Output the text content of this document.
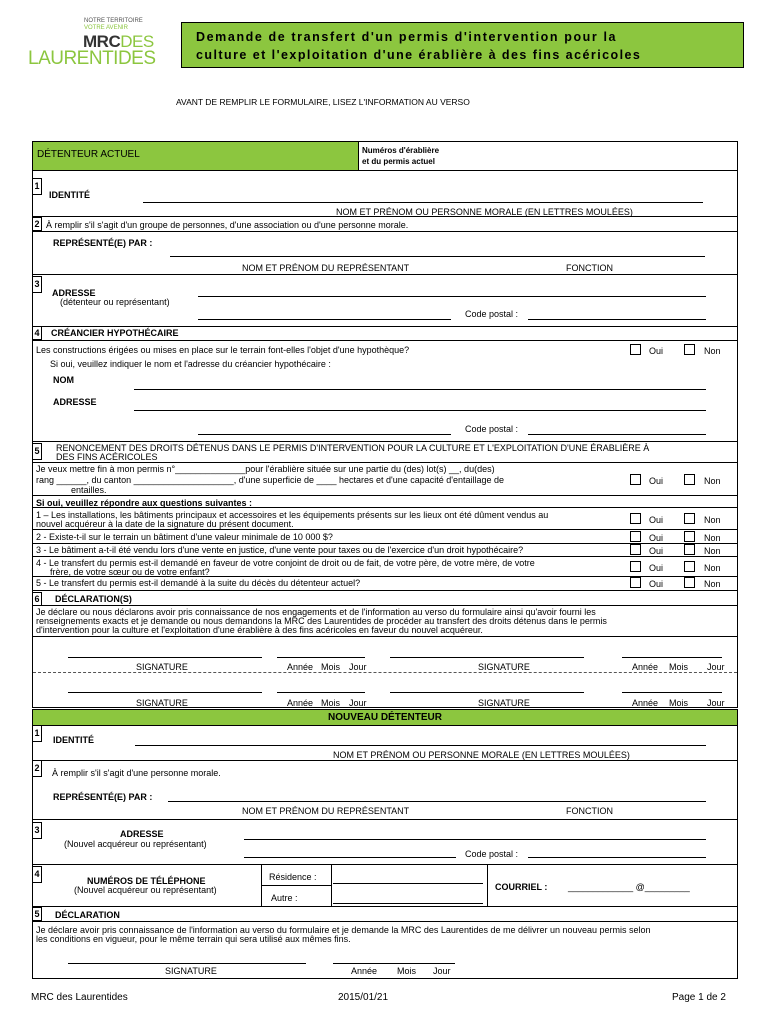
NOTRE TERRITOIRE
VOTRE AVENIR
MRCDES
LAURENTIDES
Demande de transfert d'un permis d'intervention pour la
culture et l'exploitation d'une érablière à des fins acéricoles
AVANT DE REMPLIR LE FORMULAIRE, LISEZ L'INFORMATION AU VERSO
DÉTENTEUR ACTUEL	Numéros d'érablière
et du permis actuel
1
IDENTITÉ
NOM ET PRÉNOM OU PERSONNE MORALE (EN LETTRES MOULÉES)
2 À remplir s'il s'agit d'un groupe de personnes, d'une association ou d'une personne morale.
REPRÉSENTÉ(E) PAR :
NOM ET PRÉNOM DU REPRÉSENTANT	FONCTION
3
ADRESSE
(détenteur ou représentant)
Code postal :
4 CRÉANCIER HYPOTHÉCAIRE
Les constructions érigées ou mises en place sur le terrain font-elles l'objet d'une hypothèque?	Oui	Non
Si oui, veuillez indiquer le nom et l'adresse du créancier hypothécaire :
NOM
ADRESSE
Code postal :
5 RENONCEMENT DES DROITS DÉTENUS DANS LE PERMIS D'INTERVENTION POUR LA CULTURE ET L'EXPLOITATION D'UNE ÉRABLIÈRE À
DES FINS ACÉRICOLES
Je veux mettre fin à mon permis n°______________pour l'érablière située sur une partie du (des) lot(s) __, du(des)
rang ______, du canton ____________________, d'une superficie de ____ hectares et d'une capacité d'entaillage de
entailles.
Oui	Non
Si oui, veuillez répondre aux questions suivantes :
1 – Les installations, les bâtiments principaux et accessoires et les équipements présents sur les lieux ont été dûment vendus au
nouvel acquéreur à la date de la signature du présent document.	Oui	Non
2 - Existe-t-il sur le terrain un bâtiment d'une valeur minimale de 10 000 $?	Oui	Non
3 - Le bâtiment a-t-il été vendu lors d'une vente en justice, d'une vente pour taxes ou de l'exercice d'un droit hypothécaire?	Oui	Non
4 - Le transfert du permis est-il demandé en faveur de votre conjoint de droit ou de fait, de votre père, de votre mère, de votre
frère, de votre sœur ou de votre enfant?	Oui	Non
5 - Le transfert du permis est-il demandé à la suite du décès du détenteur actuel?	Oui	Non
6 DÉCLARATION(S)
Je déclare ou nous déclarons avoir pris connaissance de nos engagements et de l'information au verso du formulaire ainsi qu'avoir fourni les
renseignements exacts et je demande ou nous demandons la MRC des Laurentides de procéder au transfert des droits détenus dans le permis
d'intervention pour la culture et l'exploitation d'une érablière à des fins acéricoles en faveur du nouvel acquéreur.
SIGNATURE	Année Mois Jour	SIGNATURE	Année Mois Jour
SIGNATURE	Année Mois Jour	SIGNATURE	Année Mois Jour
NOUVEAU DÉTENTEUR
1
IDENTITÉ
NOM ET PRÉNOM OU PERSONNE MORALE (EN LETTRES MOULÉES)
2 À remplir s'il s'agit d'une personne morale.
REPRÉSENTÉ(E) PAR :
NOM ET PRÉNOM DU REPRÉSENTANT	FONCTION
3	ADRESSE
(Nouvel acquéreur ou représentant)
Code postal :
4
NUMÉROS DE TÉLÉPHONE
(Nouvel acquéreur ou représentant)
Résidence :
Autre :
COURRIEL : _____________ @_________
5 DÉCLARATION
Je déclare avoir pris connaissance de l'information au verso du formulaire et je demande la MRC des Laurentides de me délivrer un nouveau permis selon
les conditions en vigueur, pour le même terrain qui sera utilisé aux mêmes fins.
SIGNATURE	Année Mois Jour
MRC des Laurentides	2015/01/21	Page 1 de 2
